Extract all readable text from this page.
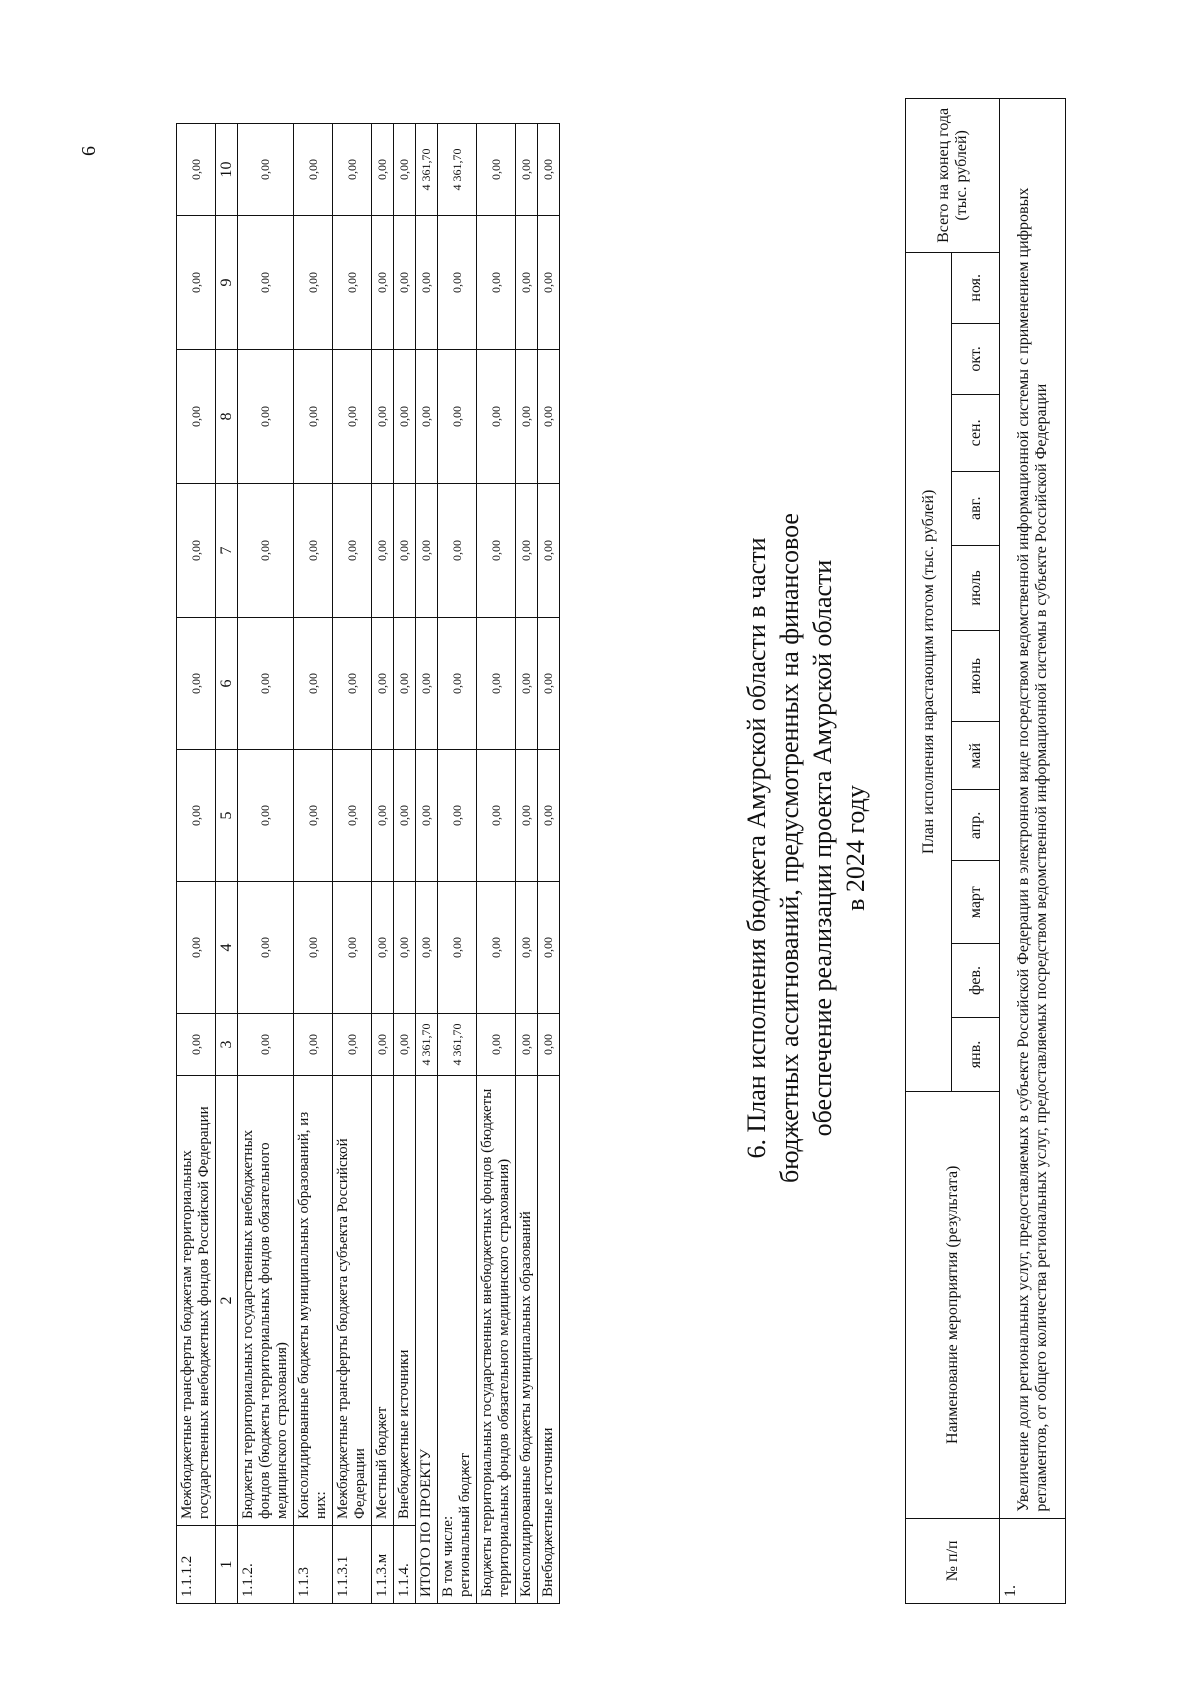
6
1.1.1.2	Межбюджетные трансферты бюджетам территориальных государственных внебюджетных фондов Российской Федерации	0,00	0,00	0,00	0,00	0,00	0,00	0,00	0,00
1	2	3	4	5	6	7	8	9	10
1.1.2.	Бюджеты территориальных государственных внебюджетных фондов (бюджеты территориальных фондов обязательного медицинского страхования)	0,00	0,00	0,00	0,00	0,00	0,00	0,00	0,00
1.1.3	Консолидированные бюджеты муниципальных образований, из них:	0,00	0,00	0,00	0,00	0,00	0,00	0,00	0,00
1.1.3.1	Межбюджетные трансферты бюджета субъекта Российской Федерации	0,00	0,00	0,00	0,00	0,00	0,00	0,00	0,00
1.1.3.м	Местный бюджет	0,00	0,00	0,00	0,00	0,00	0,00	0,00	0,00
1.1.4.	Внебюджетные источники	0,00	0,00	0,00	0,00	0,00	0,00	0,00	0,00
ИТОГО ПО ПРОЕКТУ		4 361,70	0,00	0,00	0,00	0,00	0,00	0,00	4 361,70
В том числе:
региональный бюджет		4 361,70	0,00	0,00	0,00	0,00	0,00	0,00	4 361,70
Бюджеты территориальных государственных внебюджетных фондов (бюджеты территориальных фондов обязательного медицинского страхования)		0,00	0,00	0,00	0,00	0,00	0,00	0,00	0,00
Консолидированные бюджеты муниципальных образований		0,00	0,00	0,00	0,00	0,00	0,00	0,00	0,00
Внебюджетные источники		0,00	0,00	0,00	0,00	0,00	0,00	0,00	0,00
6. План исполнения бюджета Амурской области в части бюджетных ассигнований, предусмотренных на финансовое обеспечение реализации проекта Амурской области в 2024 году
№ п/п	Наименование мероприятия (результата)	План исполнения нарастающим итогом (тыс. рублей)											Всего на конец года (тыс. рублей)
		янв.	фев.	март	апр.	май	июнь	июль	авг.	сен.	окт.	ноя.	
1.	Увеличение доли региональных услуг, предоставляемых в субъекте Российской Федерации в электронном виде посредством ведомственной информационной системы с применением цифровых регламентов, от общего количества региональных услуг, предоставляемых посредством ведомственной информационной системы в субъекте Российской Федерации												
